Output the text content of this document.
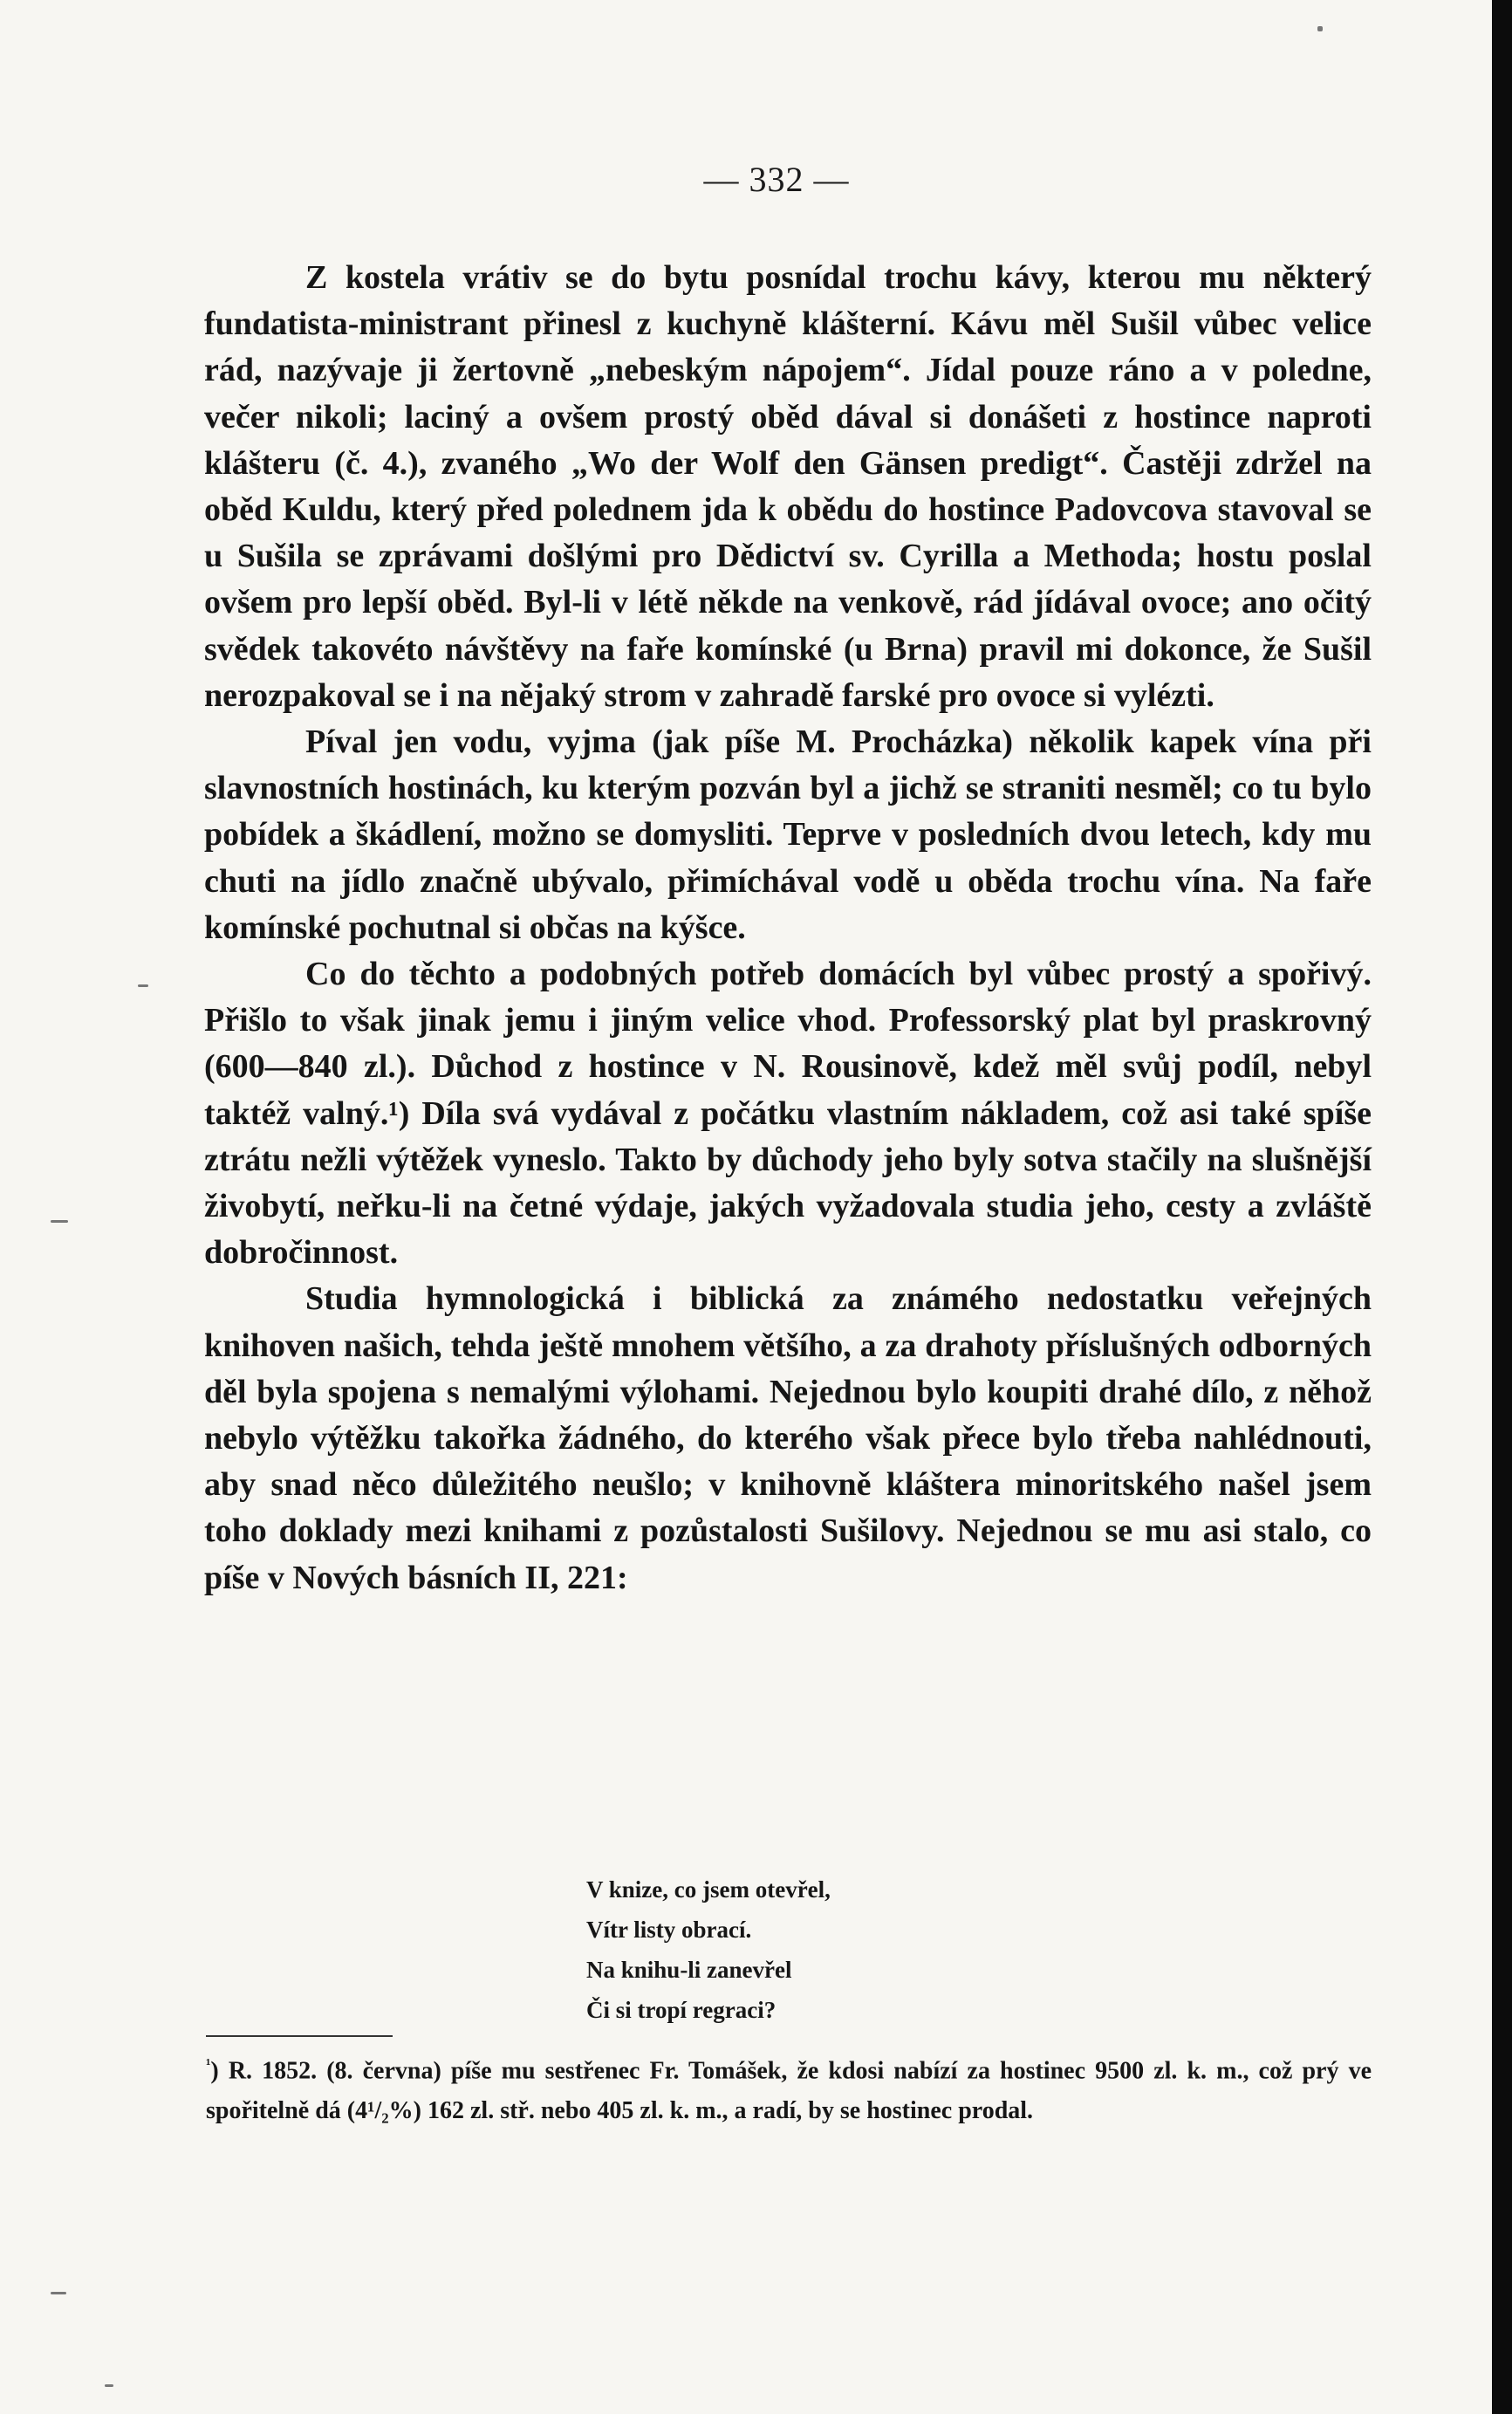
— 332 —

Z kostela vrátiv se do bytu posnídal trochu kávy, kterou mu některý fundatista-ministrant přinesl z kuchyně klášterní. Kávu měl Sušil vůbec velice rád, nazývaje ji žertovně „nebeským nápojem“. Jídal pouze ráno a v poledne, večer nikoli; laciný a ovšem prostý oběd dával si donášeti z hostince naproti klášteru (č. 4.), zvaného „Wo der Wolf den Gänsen predigt“. Častěji zdržel na oběd Kuldu, který před polednem jda k obědu do hostince Padovcova stavoval se u Sušila se zprávami došlými pro Dědictví sv. Cyrilla a Methoda; hostu poslal ovšem pro lepší oběd. Byl-li v létě někde na venkově, rád jídával ovoce; ano očitý svědek takovéto návštěvy na faře komínské (u Brna) pravil mi dokonce, že Sušil nerozpakoval se i na nějaký strom v zahradě farské pro ovoce si vylézti.

Píval jen vodu, vyjma (jak píše M. Procházka) několik kapek vína při slavnostních hostinách, ku kterým pozván byl a jichž se straniti nesměl; co tu bylo pobídek a škádlení, možno se domysliti. Teprve v posledních dvou letech, kdy mu chuti na jídlo značně ubývalo, přimíchával vodě u oběda trochu vína. Na faře komínské pochutnal si občas na kýšce.

Co do těchto a podobných potřeb domácích byl vůbec prostý a spořivý. Přišlo to však jinak jemu i jiným velice vhod. Professorský plat byl praskrovný (600—840 zl.). Důchod z hostince v N. Rousinově, kdež měl svůj podíl, nebyl taktéž valný.¹) Díla svá vydával z počátku vlastním nákladem, což asi také spíše ztrátu nežli výtěžek vyneslo. Takto by důchody jeho byly sotva stačily na slušnější živobytí, neřku-li na četné výdaje, jakých vyžadovala studia jeho, cesty a zvláště dobročinnost.

Studia hymnologická i biblická za známého nedostatku veřejných knihoven našich, tehda ještě mnohem většího, a za drahoty příslušných odborných děl byla spojena s nemalými výlohami. Nejednou bylo koupiti drahé dílo, z něhož nebylo výtěžku takořka žádného, do kterého však přece bylo třeba nahlédnouti, aby snad něco důležitého neušlo; v knihovně kláštera minoritského našel jsem toho doklady mezi knihami z pozůstalosti Sušilovy. Nejednou se mu asi stalo, co píše v Nových básních II, 221:

V knize, co jsem otevřel,
Vítr listy obrací.
Na knihu-li zanevřel
Či si tropí regraci?
$^{^1}$) R. 1852. (8. června) píše mu sestřenec Fr. Tomášek, že kdosi nabízí za hostinec 9500 zl. k. m., což prý ve spořitelně dá (4¹/₂%) 162 zl. stř. nebo 405 zl. k. m., a radí, by se hostinec prodal.
